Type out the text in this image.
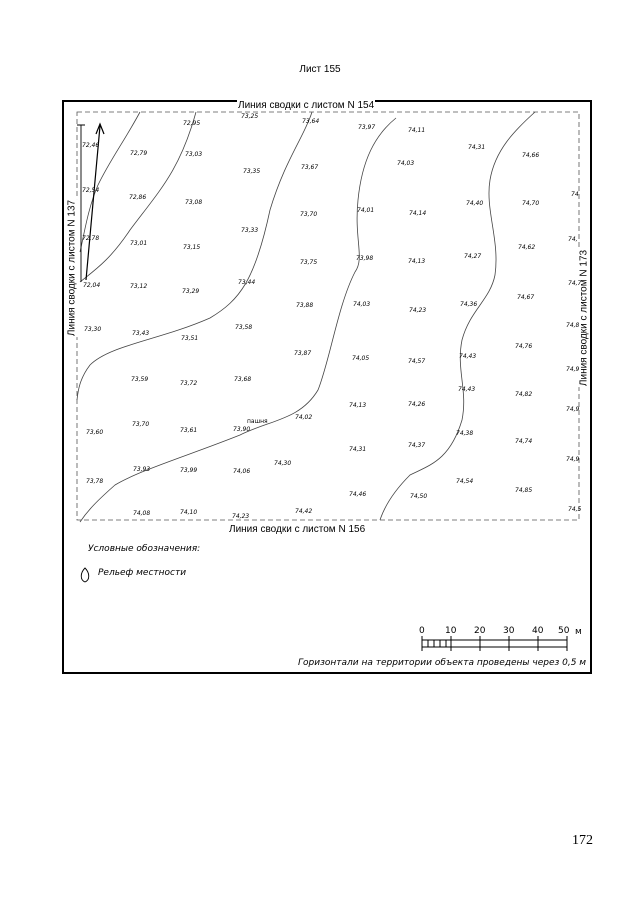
Лист 155
Линия сводки с листом N 154
Линия сводки с листом N 156
Линия сводки с листом N 137	Линия сводки с листом N 173
72,46
72,79
72,95
73,25
73,64
73,97	74,11
74,31
74,66
72,54
72,86
73,03
73,35
73,67
74,03
72,78
73,08
73,33
73,70
74,01	74,14
74,40	74,70
74
73,01
73,15
73,75
73,98	74,13
74,27
74,62
74,
72,04	73,12
73,29
73,44
73,88	74,03
74,23
74,36
74,67
74,7
73,30
73,43
73,51
73,58
73,87
74,05	74,57
74,43
74,76
74,8
73,59
73,72
73,68
74,43
74,82
74,9
74,02
74,13	74,26
74,9
73,60
73,70
73,61	73,90
74,38
74,74
74,31
74,37
74,9
73,93	73,99	74,06
74,30
73,78	74,54
74,85
74,46	74,50
74,08	74,10
74,23
74,42	74,5
пашня
Условные обозначения:
Рельеф местности
0 10 20 30 40 50 м
Горизонтали на территории объекта проведены через 0,5 м
172
